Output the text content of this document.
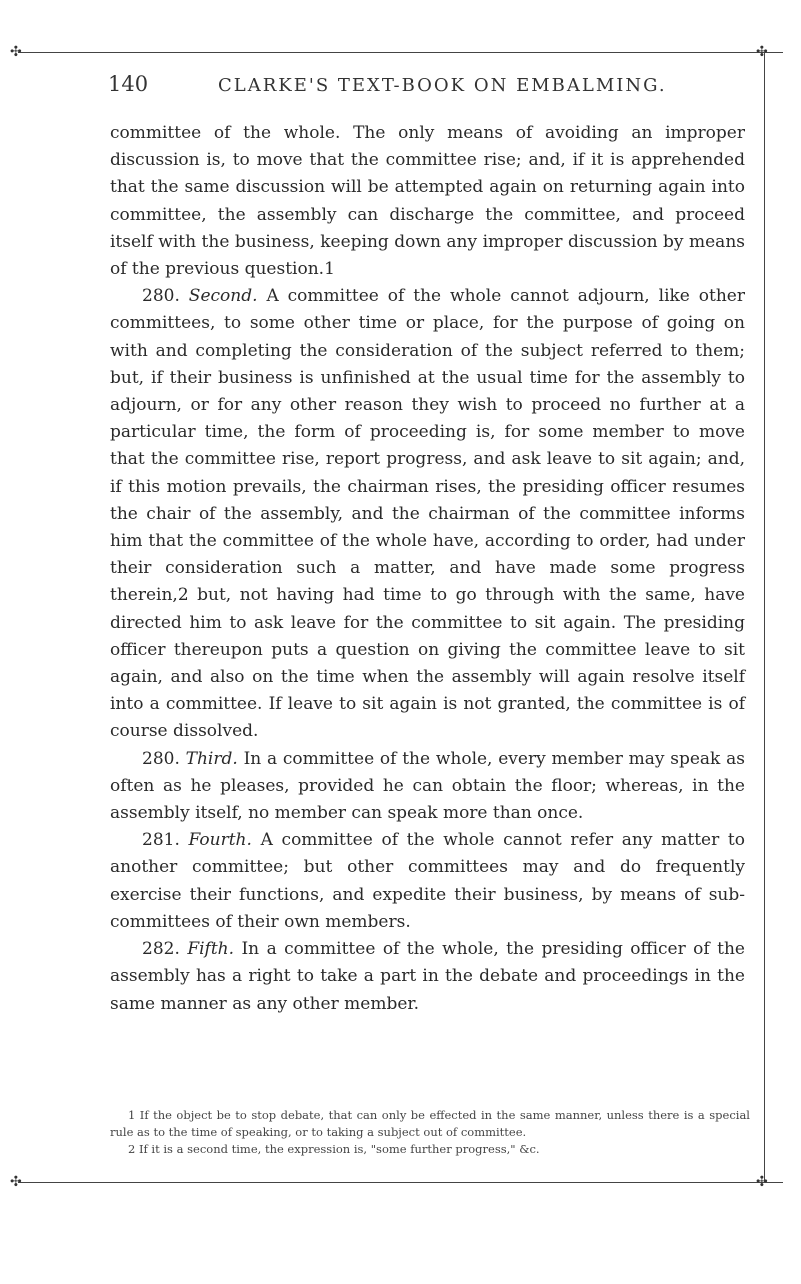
✣	✣
✣	✣
140	CLARKE'S TEXT-BOOK ON EMBALMING.

committee of the whole. The only means of avoiding an improper discussion is, to move that the committee rise; and, if it is apprehended that the same discussion will be attempted again on returning again into committee, the assembly can discharge the committee, and proceed itself with the business, keeping down any improper discussion by means of the previous question.1

280. Second. A committee of the whole cannot adjourn, like other committees, to some other time or place, for the purpose of going on with and completing the consideration of the subject referred to them; but, if their business is unfinished at the usual time for the assembly to adjourn, or for any other reason they wish to proceed no further at a particular time, the form of proceeding is, for some member to move that the committee rise, report progress, and ask leave to sit again; and, if this motion prevails, the chairman rises, the presiding officer resumes the chair of the assembly, and the chairman of the committee informs him that the committee of the whole have, according to order, had under their consideration such a matter, and have made some progress therein,2 but, not having had time to go through with the same, have directed him to ask leave for the committee to sit again. The presiding officer thereupon puts a question on giving the committee leave to sit again, and also on the time when the assembly will again resolve itself into a committee. If leave to sit again is not granted, the committee is of course dissolved.

280. Third. In a committee of the whole, every member may speak as often as he pleases, provided he can obtain the floor; whereas, in the assembly itself, no member can speak more than once.

281. Fourth. A committee of the whole cannot refer any matter to another committee; but other committees may and do frequently exercise their functions, and expedite their business, by means of sub-committees of their own members.

282. Fifth. In a committee of the whole, the presiding officer of the assembly has a right to take a part in the debate and proceedings in the same manner as any other member.

1 If the object be to stop debate, that can only be effected in the same manner, unless there is a special rule as to the time of speaking, or to taking a subject out of committee.

2 If it is a second time, the expression is, "some further progress," &c.
